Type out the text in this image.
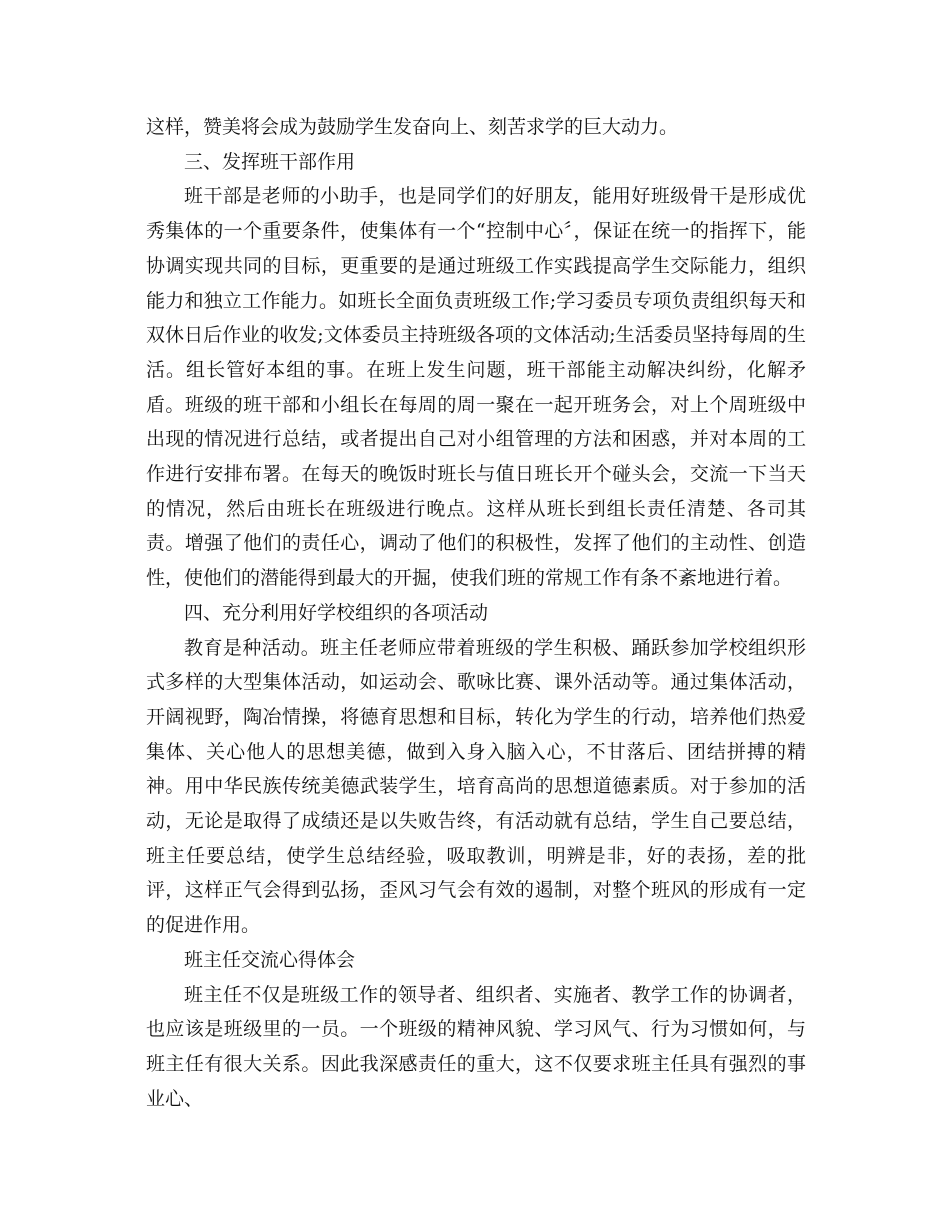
这样，赞美将会成为鼓励学生发奋向上、刻苦求学的巨大动力。

三、发挥班干部作用

班干部是老师的小助手，也是同学们的好朋友，能用好班级骨干是形成优秀集体的一个重要条件，使集体有一个“控制中心〞，保证在统一的指挥下，能协调实现共同的目标，更重要的是通过班级工作实践提高学生交际能力，组织能力和独立工作能力。如班长全面负责班级工作;学习委员专项负责组织每天和双休日后作业的收发;文体委员主持班级各项的文体活动;生活委员坚持每周的生活。组长管好本组的事。在班上发生问题，班干部能主动解决纠纷，化解矛盾。班级的班干部和小组长在每周的周一聚在一起开班务会，对上个周班级中出现的情况进行总结，或者提出自己对小组管理的方法和困惑，并对本周的工作进行安排布署。在每天的晚饭时班长与值日班长开个碰头会，交流一下当天的情况，然后由班长在班级进行晚点。这样从班长到组长责任清楚、各司其责。增强了他们的责任心，调动了他们的积极性，发挥了他们的主动性、创造性，使他们的潜能得到最大的开掘，使我们班的常规工作有条不紊地进行着。

四、充分利用好学校组织的各项活动

教育是种活动。班主任老师应带着班级的学生积极、踊跃参加学校组织形式多样的大型集体活动，如运动会、歌咏比赛、课外活动等。通过集体活动，开阔视野，陶冶情操，将德育思想和目标，转化为学生的行动，培养他们热爱集体、关心他人的思想美德，做到入身入脑入心，不甘落后、团结拼搏的精神。用中华民族传统美德武装学生，培育高尚的思想道德素质。对于参加的活动，无论是取得了成绩还是以失败告终，有活动就有总结，学生自己要总结，班主任要总结，使学生总结经验，吸取教训，明辨是非，好的表扬，差的批评，这样正气会得到弘扬，歪风习气会有效的遏制，对整个班风的形成有一定的促进作用。

班主任交流心得体会

班主任不仅是班级工作的领导者、组织者、实施者、教学工作的协调者，也应该是班级里的一员。一个班级的精神风貌、学习风气、行为习惯如何，与班主任有很大关系。因此我深感责任的重大，这不仅要求班主任具有强烈的事业心、
